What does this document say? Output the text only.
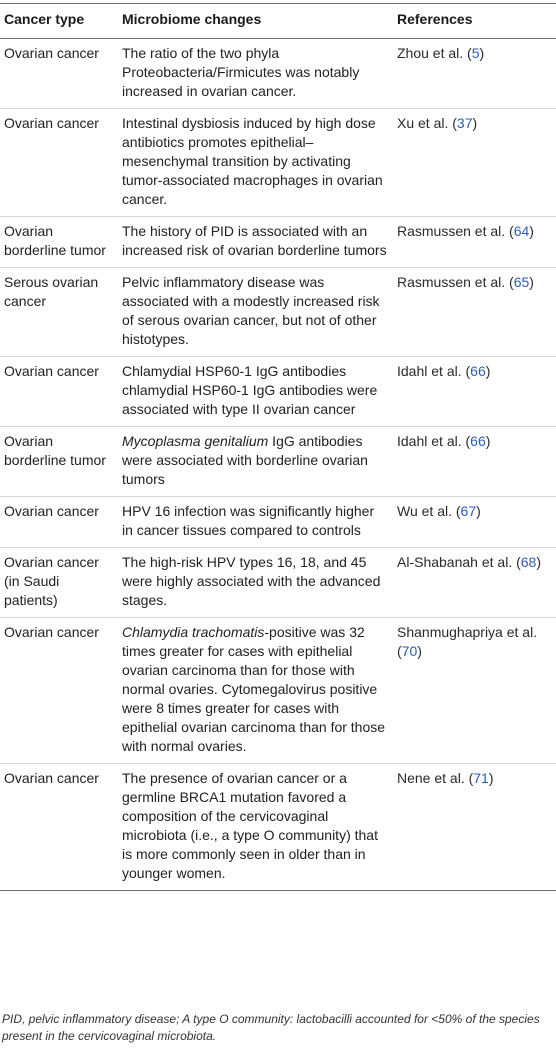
Cancer type	Microbiome changes	References
Ovarian cancer	The ratio of the two phyla Proteobacteria/Firmicutes was notably increased in ovarian cancer.	Zhou et al. (5)
Ovarian cancer	Intestinal dysbiosis induced by high dose antibiotics promotes epithelial–mesenchymal transition by activating tumor-associated macrophages in ovarian cancer.	Xu et al. (37)
Ovarian borderline tumor	The history of PID is associated with an increased risk of ovarian borderline tumors	Rasmussen et al. (64)
Serous ovarian cancer	Pelvic inflammatory disease was associated with a modestly increased risk of serous ovarian cancer, but not of other histotypes.	Rasmussen et al. (65)
Ovarian cancer	Chlamydial HSP60-1 IgG antibodies chlamydial HSP60-1 IgG antibodies were associated with type II ovarian cancer	Idahl et al. (66)
Ovarian borderline tumor	Mycoplasma genitalium IgG antibodies were associated with borderline ovarian tumors	Idahl et al. (66)
Ovarian cancer	HPV 16 infection was significantly higher in cancer tissues compared to controls	Wu et al. (67)
Ovarian cancer (in Saudi patients)	The high-risk HPV types 16, 18, and 45 were highly associated with the advanced stages.	Al-Shabanah et al. (68)
Ovarian cancer	Chlamydia trachomatis-positive was 32 times greater for cases with epithelial ovarian carcinoma than for those with normal ovaries. Cytomegalovirus positive were 8 times greater for cases with epithelial ovarian carcinoma than for those with normal ovaries.	Shanmughapriya et al. (70)
Ovarian cancer	The presence of ovarian cancer or a germline BRCA1 mutation favored a composition of the cervicovaginal microbiota (i.e., a type O community) that is more commonly seen in older than in younger women.	Nene et al. (71)
PID, pelvic inflammatory disease; A type O community: lactobacilli accounted for <50% of the species present in the cervicovaginal microbiota.
